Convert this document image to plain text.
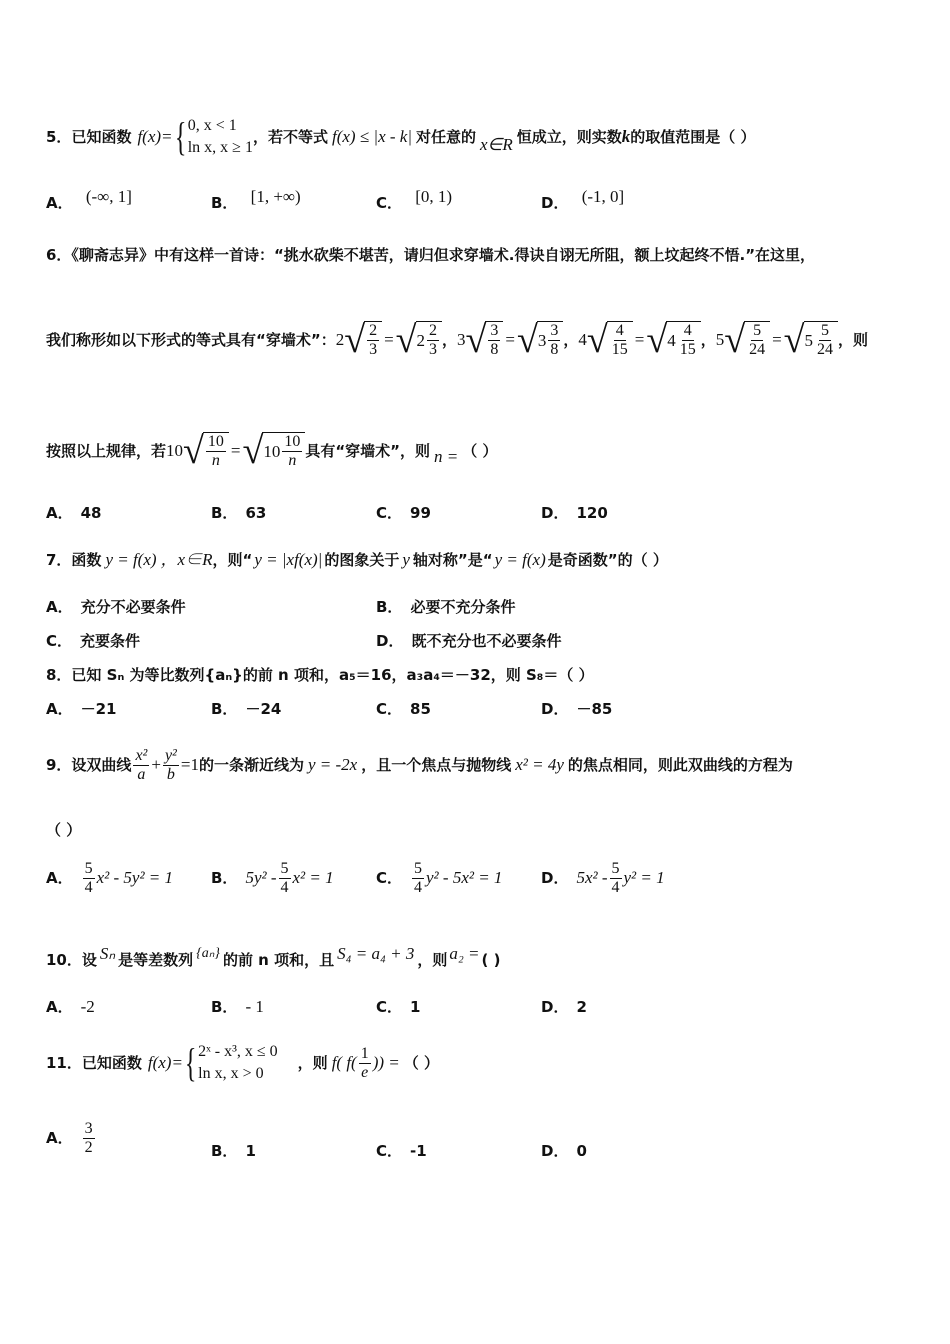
5． 已知函数 f(x)= { 0, x < 1
ln x, x ≥ 1
，若不等式 f(x) ≤ |x - k| 对任意的 x∈R 恒成立，则实数 k 的取值范围是（ ）
A． (-∞, 1]	B． [1, +∞)	C． [0, 1)	D． (-1, 0]
6．《聊斋志异》中有这样一首诗：“挑水砍柴不堪苦，请归但求穿墙术.得诀自诩无所阻，额上坟起终不悟.”在这里，
我们称形如以下形式的等式具有“穿墙术”： 2 √ $\frac{2}{3}$ = √ $2 \frac{2}{3}$ ， 3 √ $\frac{3}{8}$ = √ $3 \frac{3}{8}$ ， 4 √ $\frac{4}{15}$ = √ $4 \frac{4}{15}$ ， 5 √ $\frac{5}{24}$ = √ $5 \frac{5}{24}$ ，则
按照以上规律，若 10 √ $\frac{10}{n}$ = √ $10 \frac{10}{n}$ 具有“穿墙术”，则 n = （ ）
A． 48	B． 63	C． 99	D． 120
7．函数 y = f(x) ，x∈R ，则“ y = |xf(x)| 的图象关于 y 轴对称”是“ y = f(x) 是奇函数”的（ ）
A． 充分不必要条件	B． 必要不充分条件
C． 充要条件	D． 既不充分也不必要条件
8．已知 Sₙ 为等比数列{aₙ}的前 n 项和，a₅＝16，a₃a₄＝－32，则 S₈＝（ ）
A． －21	B． －24	C． 85	D． －85
9．设双曲线 $\frac{\text{x²}}{a} + \frac{\text{y²}}{b} =1$ 的一条渐近线为 y = -2x ，且一个焦点与抛物线 x² = 4y 的焦点相同，则此双曲线的方程为
（ ）
A． $\frac{5}{4} x^2 - 5y^2 = 1$	B． $5y^2 - \frac{5}{4} x^2 = 1$	C． $\frac{5}{4} y^2 - 5x^2 = 1$	D． $5x^2 - \frac{5}{4} y^2 = 1$
10．设 Sₙ 是等差数列 {aₙ} 的前 n 项和，且 S₄ = a₄ + 3 ，则 a₂ = ( )
A． -2	B． - 1	C． 1	D． 2
11．已知函数 f(x)= { 2ˣ - x³, x ≤ 0
ln x, x > 0
，则 f( $f( \frac{1}{e}$ )) = （ ）
A． $\frac{3}{2}$	B． 1	C． -1	D． 0
